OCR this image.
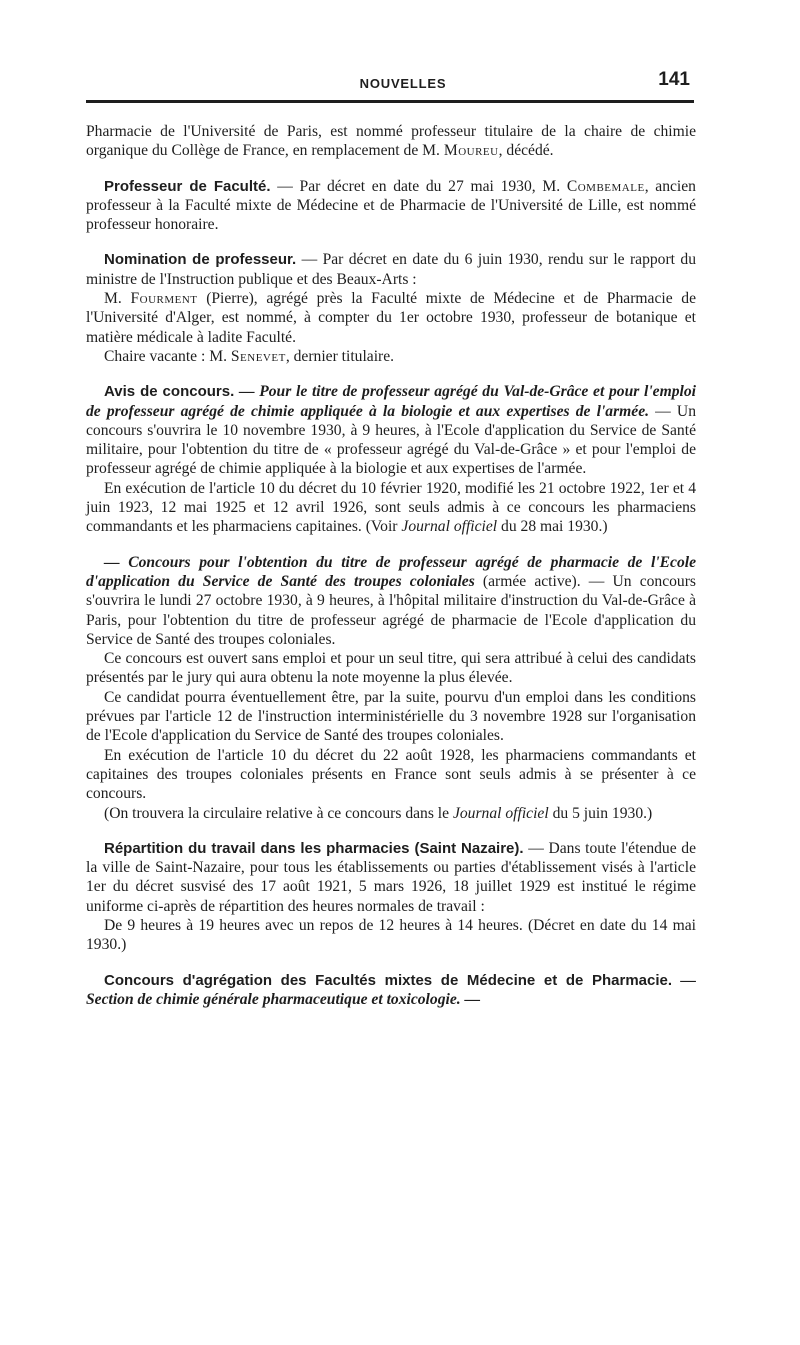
NOUVELLES	141

Pharmacie de l'Université de Paris, est nommé professeur titulaire de la chaire de chimie organique du Collège de France, en remplacement de M. Moureu, décédé.

Professeur de Faculté. — Par décret en date du 27 mai 1930, M. Combemale, ancien professeur à la Faculté mixte de Médecine et de Pharmacie de l'Université de Lille, est nommé professeur honoraire.

Nomination de professeur. — Par décret en date du 6 juin 1930, rendu sur le rapport du ministre de l'Instruction publique et des Beaux-Arts :

M. Fourment (Pierre), agrégé près la Faculté mixte de Médecine et de Pharmacie de l'Université d'Alger, est nommé, à compter du 1er octobre 1930, professeur de botanique et matière médicale à ladite Faculté.

Chaire vacante : M. Senevet, dernier titulaire.

Avis de concours. — Pour le titre de professeur agrégé du Val-de-Grâce et pour l'emploi de professeur agrégé de chimie appliquée à la biologie et aux expertises de l'armée. — Un concours s'ouvrira le 10 novembre 1930, à 9 heures, à l'Ecole d'application du Service de Santé militaire, pour l'obtention du titre de « professeur agrégé du Val-de-Grâce » et pour l'emploi de professeur agrégé de chimie appliquée à la biologie et aux expertises de l'armée.

En exécution de l'article 10 du décret du 10 février 1920, modifié les 21 octobre 1922, 1er et 4 juin 1923, 12 mai 1925 et 12 avril 1926, sont seuls admis à ce concours les pharmaciens commandants et les pharmaciens capitaines. (Voir Journal officiel du 28 mai 1930.)

— Concours pour l'obtention du titre de professeur agrégé de pharmacie de l'Ecole d'application du Service de Santé des troupes coloniales (armée active). — Un concours s'ouvrira le lundi 27 octobre 1930, à 9 heures, à l'hôpital militaire d'instruction du Val-de-Grâce à Paris, pour l'obtention du titre de professeur agrégé de pharmacie de l'Ecole d'application du Service de Santé des troupes coloniales.

Ce concours est ouvert sans emploi et pour un seul titre, qui sera attribué à celui des candidats présentés par le jury qui aura obtenu la note moyenne la plus élevée.

Ce candidat pourra éventuellement être, par la suite, pourvu d'un emploi dans les conditions prévues par l'article 12 de l'instruction interministérielle du 3 novembre 1928 sur l'organisation de l'Ecole d'application du Service de Santé des troupes coloniales.

En exécution de l'article 10 du décret du 22 août 1928, les pharmaciens commandants et capitaines des troupes coloniales présents en France sont seuls admis à se présenter à ce concours.

(On trouvera la circulaire relative à ce concours dans le Journal officiel du 5 juin 1930.)

Répartition du travail dans les pharmacies (Saint Nazaire). — Dans toute l'étendue de la ville de Saint-Nazaire, pour tous les établissements ou parties d'établissement visés à l'article 1er du décret susvisé des 17 août 1921, 5 mars 1926, 18 juillet 1929 est institué le régime uniforme ci-après de répartition des heures normales de travail :

De 9 heures à 19 heures avec un repos de 12 heures à 14 heures. (Décret en date du 14 mai 1930.)

Concours d'agrégation des Facultés mixtes de Médecine et de Pharmacie. — Section de chimie générale pharmaceutique et toxicologie. —
